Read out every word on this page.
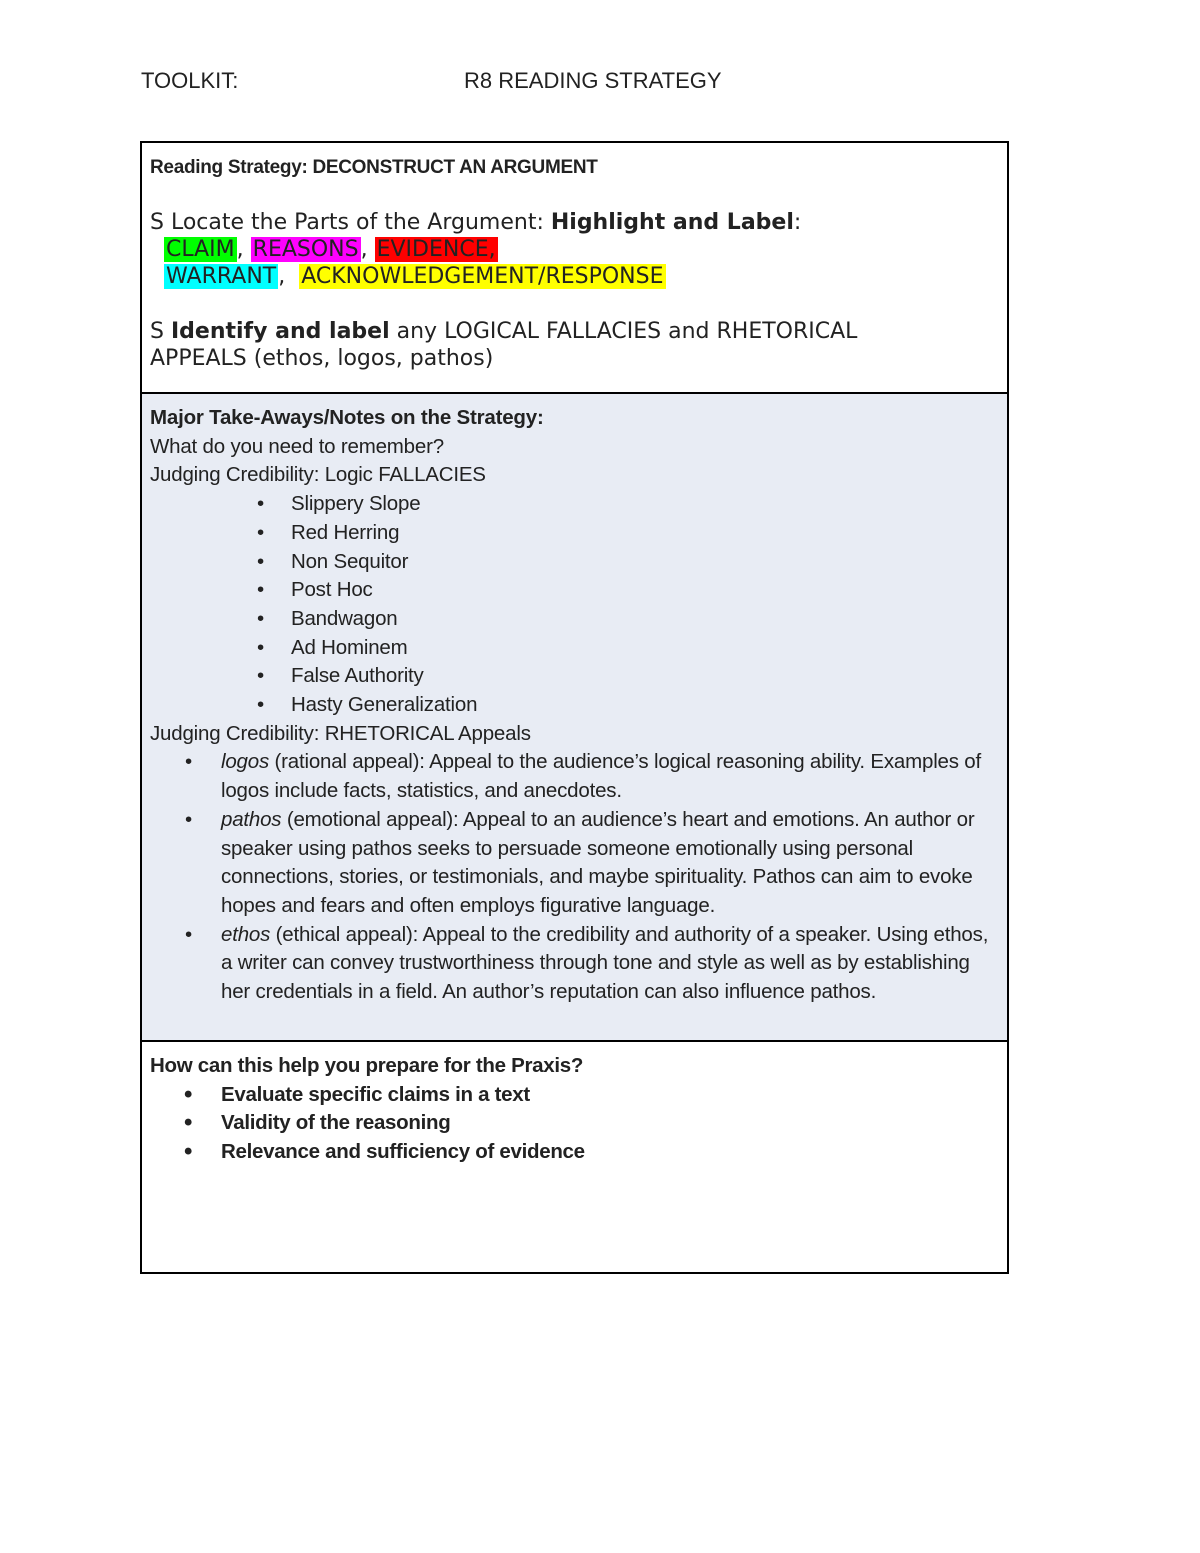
TOOLKIT:	R8 READING STRATEGY
Reading Strategy: DECONSTRUCT AN ARGUMENT
S Locate the Parts of the Argument: Highlight and Label:
CLAIM, REASONS, EVIDENCE,
WARRANT, ACKNOWLEDGEMENT/RESPONSE
S Identify and label any LOGICAL FALLACIES and RHETORICAL
APPEALS (ethos, logos, pathos)
Major Take-Aways/Notes on the Strategy:
What do you need to remember?
Judging Credibility: Logic FALLACIES
• Slippery Slope
• Red Herring
• Non Sequitor
• Post Hoc
• Bandwagon
• Ad Hominem
• False Authority
• Hasty Generalization
Judging Credibility: RHETORICAL Appeals
• logos (rational appeal): Appeal to the audience’s logical reasoning ability. Examples of logos include facts, statistics, and anecdotes.
• pathos (emotional appeal): Appeal to an audience’s heart and emotions. An author or speaker using pathos seeks to persuade someone emotionally using personal connections, stories, or testimonials, and maybe spirituality. Pathos can aim to evoke hopes and fears and often employs figurative language.
• ethos (ethical appeal): Appeal to the credibility and authority of a speaker. Using ethos, a writer can convey trustworthiness through tone and style as well as by establishing her credentials in a field. An author’s reputation can also influence pathos.
How can this help you prepare for the Praxis?
• Evaluate specific claims in a text
• Validity of the reasoning
• Relevance and sufficiency of evidence
